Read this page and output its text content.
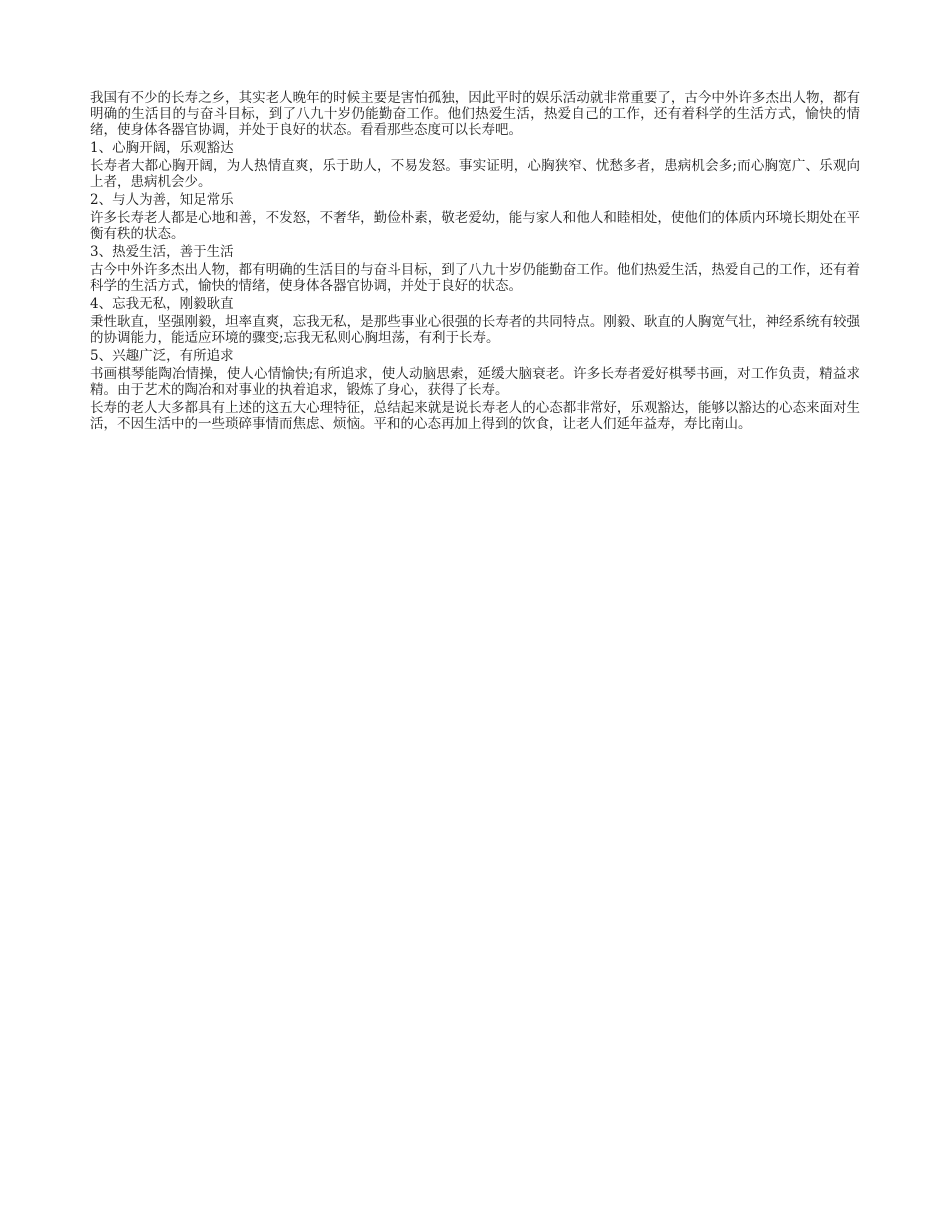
我国有不少的长寿之乡，其实老人晚年的时候主要是害怕孤独，因此平时的娱乐活动就非常重要了，古今中外许多杰出人物，都有明确的生活目的与奋斗目标，到了八九十岁仍能勤奋工作。他们热爱生活，热爱自己的工作，还有着科学的生活方式，愉快的情绪，使身体各器官协调，并处于良好的状态。看看那些态度可以长寿吧。

1、心胸开阔，乐观豁达

长寿者大都心胸开阔，为人热情直爽，乐于助人，不易发怒。事实证明，心胸狭窄、忧愁多者，患病机会多;而心胸宽广、乐观向上者，患病机会少。

2、与人为善，知足常乐

许多长寿老人都是心地和善，不发怒，不奢华，勤俭朴素，敬老爱幼，能与家人和他人和睦相处，使他们的体质内环境长期处在平衡有秩的状态。

3、热爱生活，善于生活

古今中外许多杰出人物，都有明确的生活目的与奋斗目标，到了八九十岁仍能勤奋工作。他们热爱生活，热爱自己的工作，还有着科学的生活方式，愉快的情绪，使身体各器官协调，并处于良好的状态。

4、忘我无私，刚毅耿直

秉性耿直，坚强刚毅，坦率直爽，忘我无私，是那些事业心很强的长寿者的共同特点。刚毅、耿直的人胸宽气壮，神经系统有较强的协调能力，能适应环境的骤变;忘我无私则心胸坦荡，有利于长寿。

5、兴趣广泛，有所追求

书画棋琴能陶冶情操，使人心情愉快;有所追求，使人动脑思索，延缓大脑衰老。许多长寿者爱好棋琴书画，对工作负责，精益求精。由于艺术的陶冶和对事业的执着追求，锻炼了身心，获得了长寿。

长寿的老人大多都具有上述的这五大心理特征，总结起来就是说长寿老人的心态都非常好，乐观豁达，能够以豁达的心态来面对生活，不因生活中的一些琐碎事情而焦虑、烦恼。平和的心态再加上得到的饮食，让老人们延年益寿，寿比南山。
